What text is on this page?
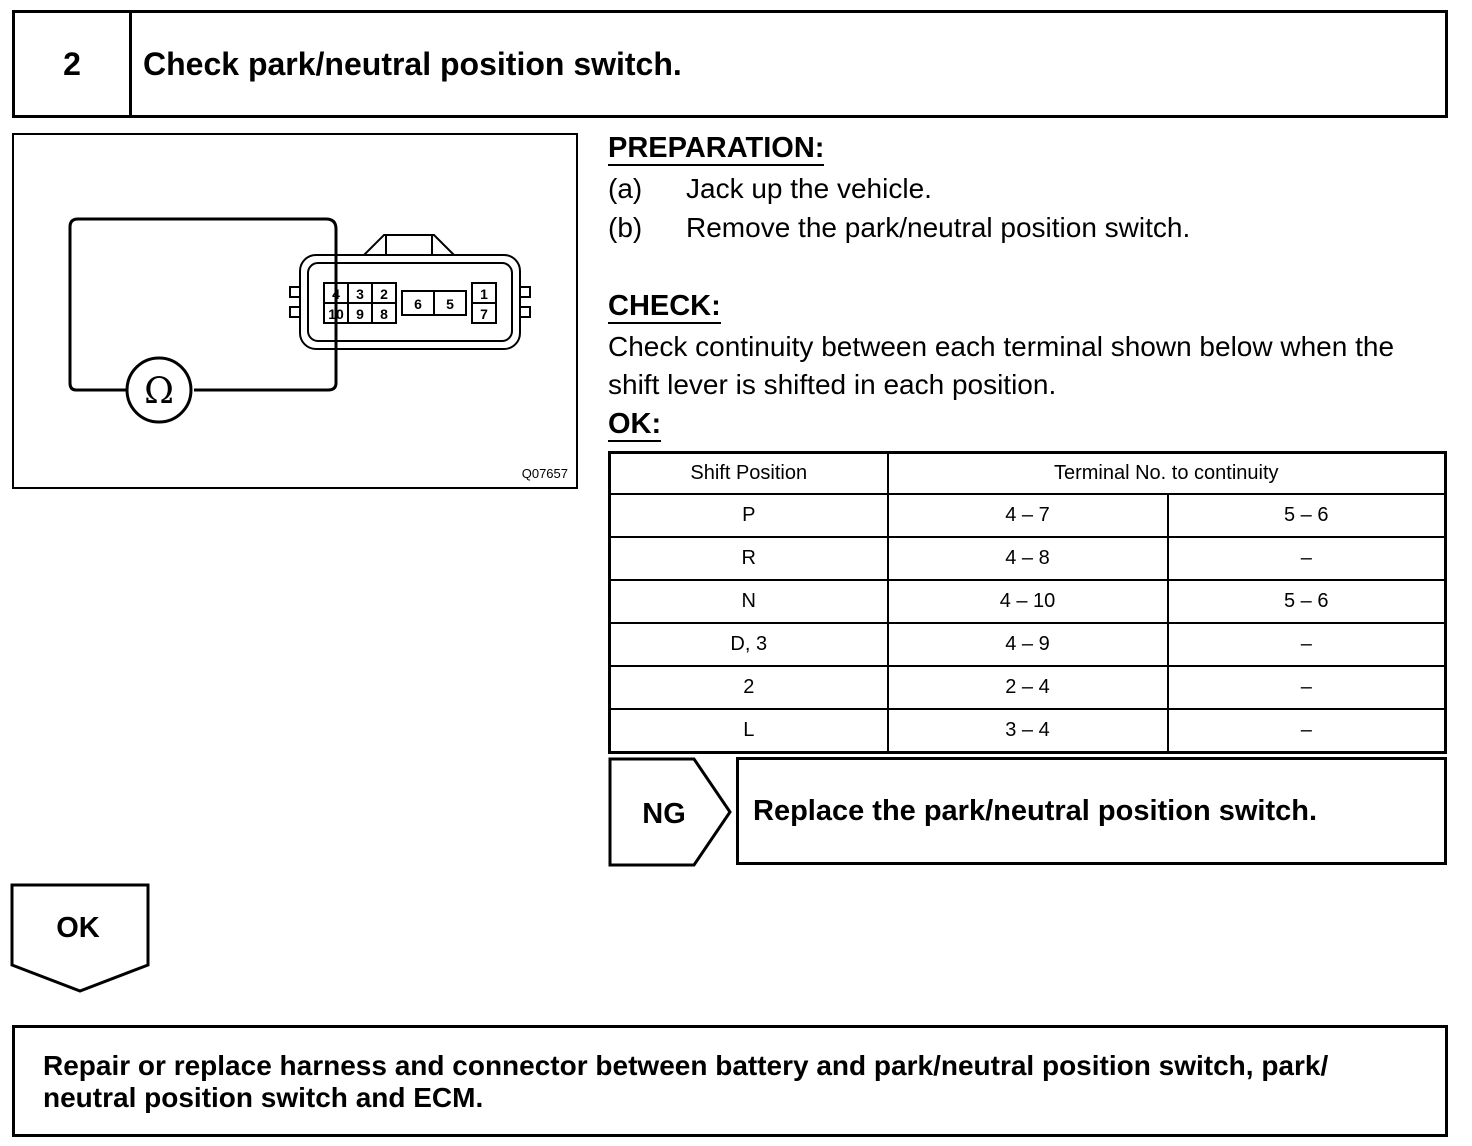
2	Check park/neutral position switch.
Ω
4 3 2
10 9 8
6 5
1
7
Q07657
PREPARATION:
(a) Jack up the vehicle.
(b) Remove the park/neutral position switch.
CHECK:
Check continuity between each terminal shown below when the
shift lever is shifted in each position.
OK:
Shift Position	Terminal No. to continuity	
P	4 – 7	5 – 6
R	4 – 8	–
N	4 – 10	5 – 6
D, 3	4 – 9	–
2	2 – 4	–
L	3 – 4	–
NG Replace the park/neutral position switch.
OK
Repair or replace harness and connector between battery and park/neutral position switch, park/
neutral position switch and ECM.
